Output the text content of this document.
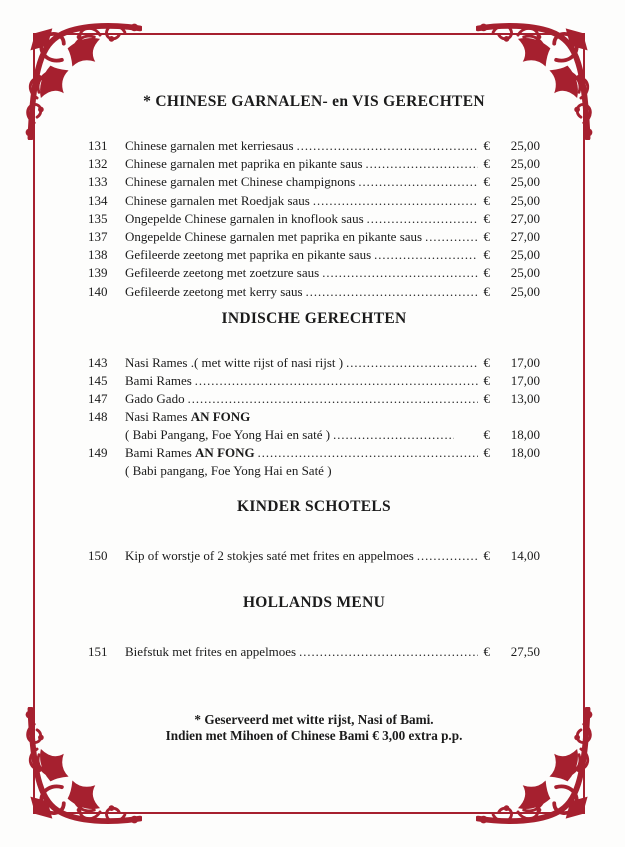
* CHINESE GARNALEN- en VIS GERECHTEN
131	Chinese garnalen met kerriesaus .....	€	25,00
132	Chinese garnalen met paprika en pikante saus .....	€	25,00
133	Chinese garnalen met Chinese champignons .....	€	25,00
134	Chinese garnalen met Roedjak saus .....	€	25,00
135	Ongepelde Chinese garnalen in knoflook saus .....	€	27,00
137	Ongepelde Chinese garnalen met paprika en pikante saus .....	€	27,00
138	Gefileerde zeetong met paprika en pikante saus .....	€	25,00
139	Gefileerde zeetong met zoetzure saus .....	€	25,00
140	Gefileerde zeetong met kerry saus .....	€	25,00
INDISCHE GERECHTEN
143	Nasi Rames .( met witte rijst of nasi rijst ) .....	€	17,00
145	Bami Rames .....	€	17,00
147	Gado Gado .....	€	13,00
148	Nasi Rames AN FONG
( Babi Pangang, Foe Yong Hai en saté ) .....	€	18,00
149	Bami Rames AN FONG .....	€	18,00
( Babi pangang, Foe Yong Hai en Saté )
KINDER SCHOTELS
150	Kip of worstje of 2 stokjes saté met frites en appelmoes .....	€	14,00
HOLLANDS MENU
151	Biefstuk met frites en appelmoes .....	€	27,50
* Geserveerd met witte rijst, Nasi of Bami.
Indien met Mihoen of Chinese Bami € 3,00 extra p.p.
